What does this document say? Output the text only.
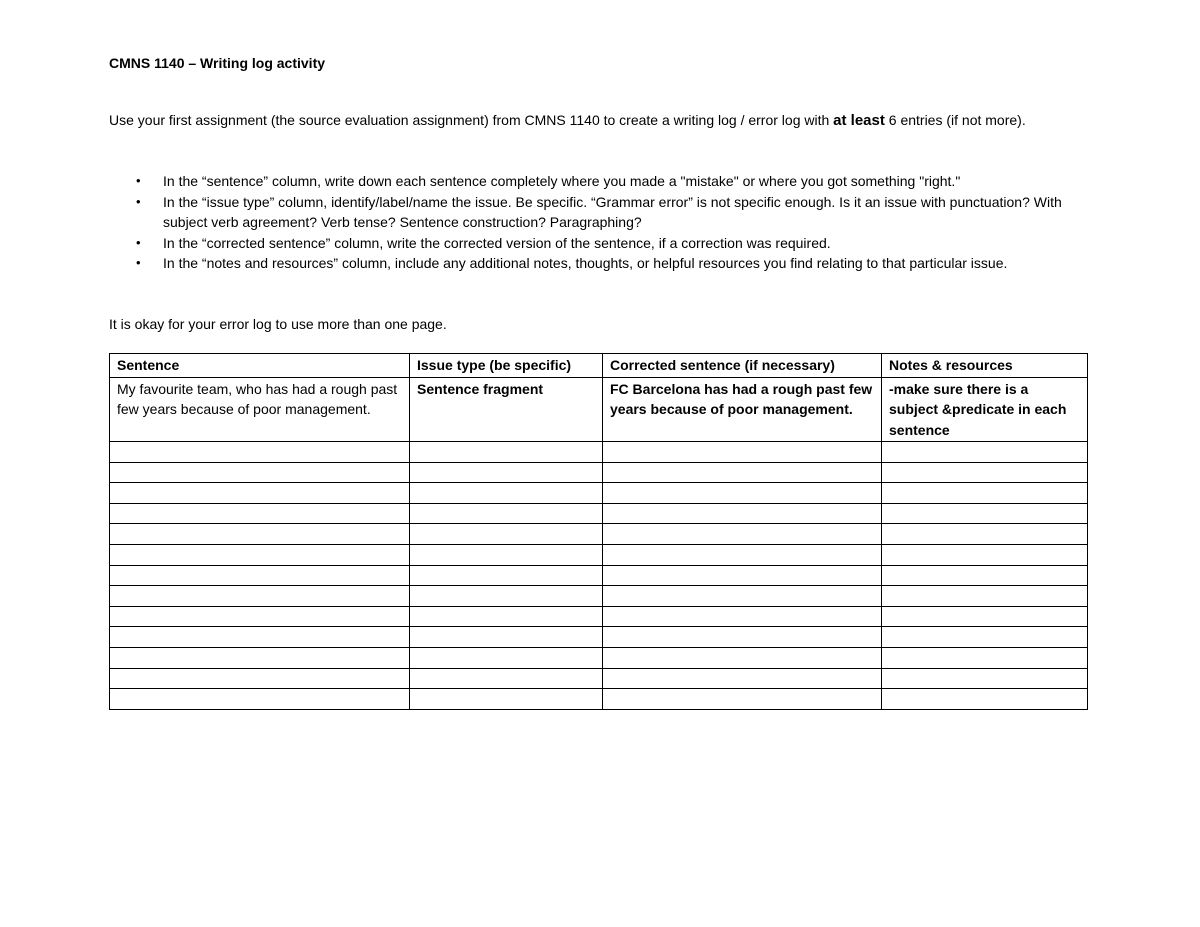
CMNS 1140 – Writing log activity
Use your first assignment (the source evaluation assignment) from CMNS 1140 to create a writing log / error log with at least 6 entries (if not more).
• In the “sentence” column, write down each sentence completely where you made a "mistake" or where you got something "right."
• In the “issue type” column, identify/label/name the issue. Be specific. “Grammar error” is not specific enough. Is it an issue with punctuation? With subject verb agreement? Verb tense? Sentence construction? Paragraphing?
• In the “corrected sentence” column, write the corrected version of the sentence, if a correction was required.
• In the “notes and resources” column, include any additional notes, thoughts, or helpful resources you find relating to that particular issue.
It is okay for your error log to use more than one page.
Sentence	Issue type (be specific)	Corrected sentence (if necessary)	Notes & resources
My favourite team, who has had a rough past few years because of poor management.	Sentence fragment	FC Barcelona has had a rough past few years because of poor management.	-make sure there is a subject &predicate in each sentence
